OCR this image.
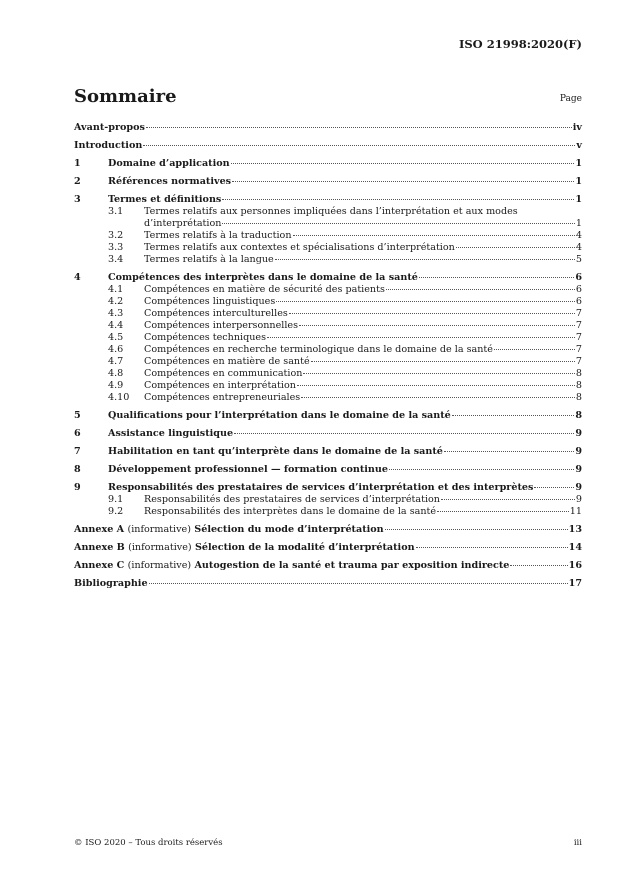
ISO 21998:2020(F)
Sommaire	Page
Avant-propos	iv
Introduction	v
1	Domaine d’application	1
2	Références normatives	1
3	Termes et définitions	1
3.1	Termes relatifs aux personnes impliquées dans l’interprétation et aux modes
d’interprétation	1
3.2	Termes relatifs à la traduction	4
3.3	Termes relatifs aux contextes et spécialisations d’interprétation	4
3.4	Termes relatifs à la langue	5
4	Compétences des interprètes dans le domaine de la santé	6
4.1	Compétences en matière de sécurité des patients	6
4.2	Compétences linguistiques	6
4.3	Compétences interculturelles	7
4.4	Compétences interpersonnelles	7
4.5	Compétences techniques	7
4.6	Compétences en recherche terminologique dans le domaine de la santé	7
4.7	Compétences en matière de santé	7
4.8	Compétences en communication	8
4.9	Compétences en interprétation	8
4.10	Compétences entrepreneuriales	8
5	Qualifications pour l’interprétation dans le domaine de la santé	8
6	Assistance linguistique	9
7	Habilitation en tant qu’interprète dans le domaine de la santé	9
8	Développement professionnel — formation continue	9
9	Responsabilités des prestataires de services d’interprétation et des interprètes	9
9.1	Responsabilités des prestataires de services d’interprétation	9
9.2	Responsabilités des interprètes dans le domaine de la santé	11
Annexe A (informative) Sélection du mode d’interprétation	13
Annexe B (informative) Sélection de la modalité d’interprétation	14
Annexe C (informative) Autogestion de la santé et trauma par exposition indirecte	16
Bibliographie	17
© ISO 2020 – Tous droits réservés	iii
